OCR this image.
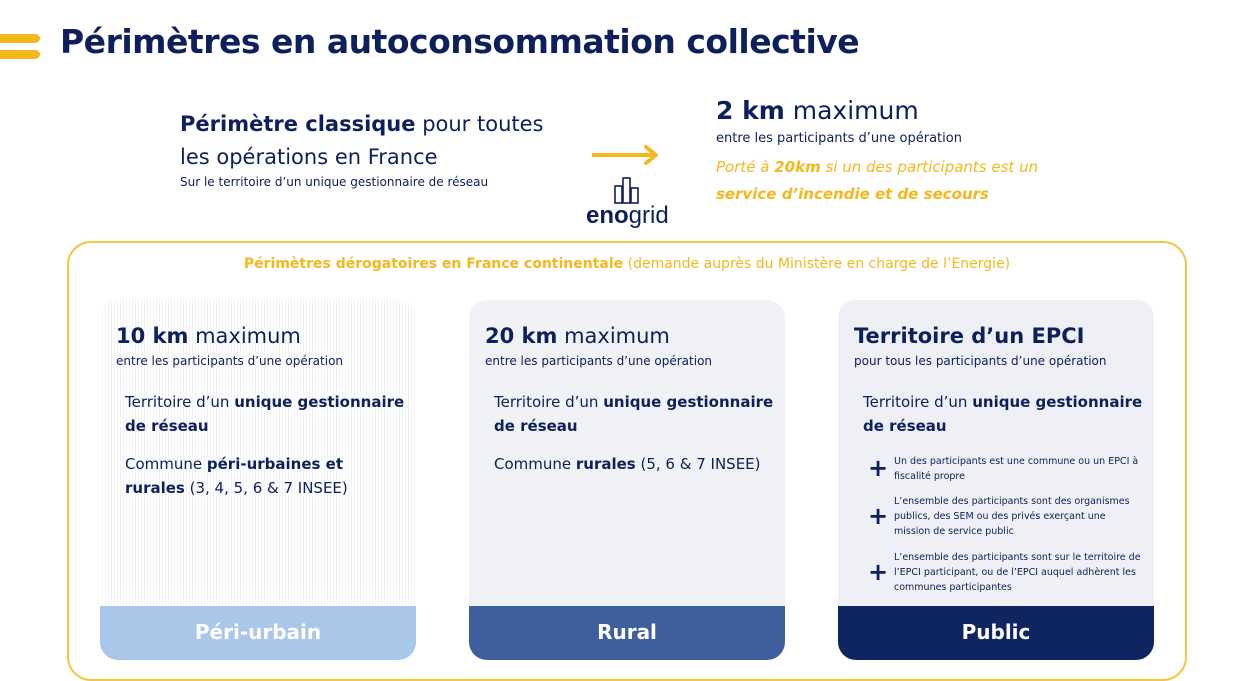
Périmètres en autoconsommation collective
Périmètre classique pour toutes
les opérations en France
Sur le territoire d’un unique gestionnaire de réseau
enogrid
2 km maximum
entre les participants d’une opération
Porté à 20km si un des participants est un
service d’incendie et de secours
Périmètres dérogatoires en France continentale (demande auprès du Ministère en charge de l’Energie)
10 km maximum
entre les participants d’une opération
Territoire d’un unique gestionnaire de réseau
Commune péri-urbaines et rurales (3, 4, 5, 6 & 7 INSEE)
Péri-urbain
20 km maximum
entre les participants d’une opération
Territoire d’un unique gestionnaire de réseau
Commune rurales (5, 6 & 7 INSEE)
Rural
Territoire d’un EPCI
pour tous les participants d’une opération
Territoire d’un unique gestionnaire de réseau
+ Un des participants est une commune ou un EPCI à fiscalité propre
+
L’ensemble des participants sont des organismes publics, des SEM ou des privés exerçant une mission de service public
+
L’ensemble des participants sont sur le territoire de l’EPCI participant, ou de l’EPCI auquel adhèrent les communes participantes
Public
